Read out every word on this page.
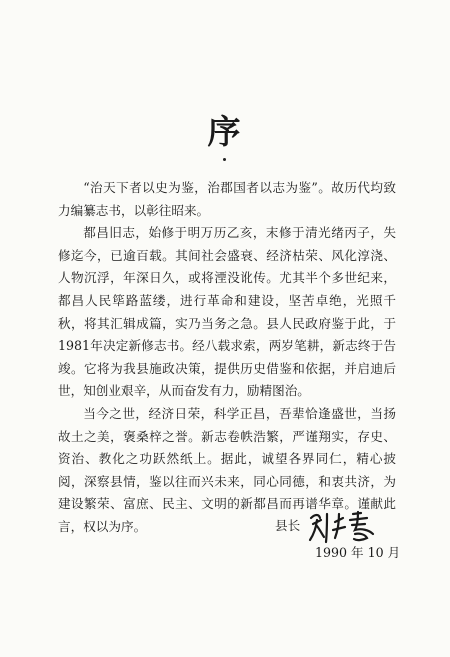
序

“治天下者以史为鉴，治郡国者以志为鉴”。故历代均致力编纂志书，以彰往昭来。

都昌旧志，始修于明万历乙亥，末修于清光绪丙子，失修迄今，已逾百载。其间社会盛衰、经济枯荣、风化淳浇、人物沉浮，年深日久，或将湮没讹传。尤其半个多世纪来，都昌人民筚路蓝缕，进行革命和建设，坚苦卓绝，光照千秋，将其汇辑成篇，实乃当务之急。县人民政府鉴于此，于1981年决定新修志书。经八载求索，两岁笔耕，新志终于告竣。它将为我县施政决策，提供历史借鉴和依据，并启迪后世，知创业艰辛，从而奋发有力，励精图治。

当今之世，经济日荣，科学正昌，吾辈恰逢盛世，当扬故土之美，褒桑梓之誉。新志卷帙浩繁，严谨翔实，存史、资治、教化之功跃然纸上。据此，诚望各界同仁，精心披阅，深察县情，鉴以往而兴未来，同心同德，和衷共济，为建设繁荣、富庶、民主、文明的新都昌而再谱华章。谨献此言，权以为序。	县长
1990 年 10 月
